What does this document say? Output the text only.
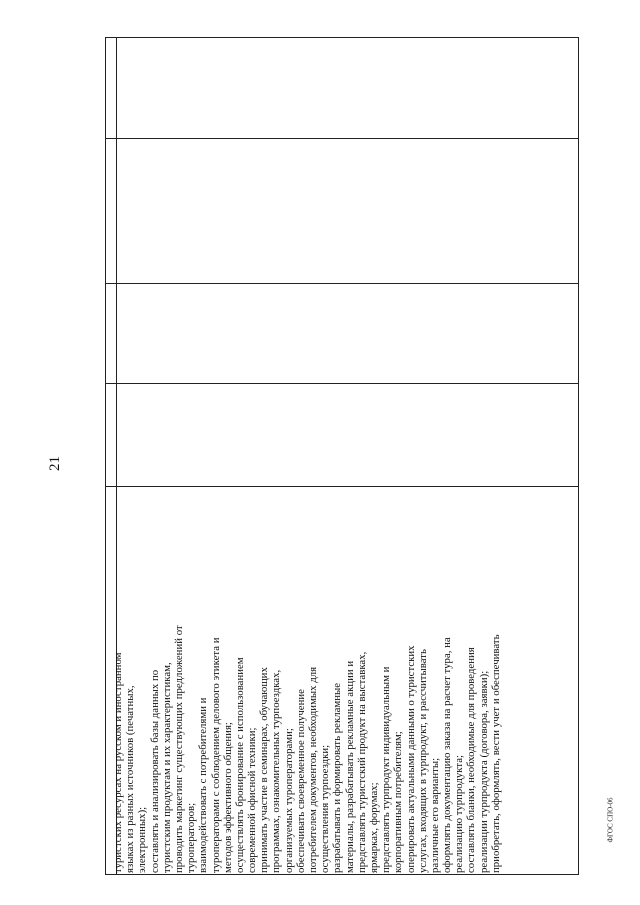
21
туристских ресурсах на русском и иностранном языках из разных источников (печатных, электронных); составлять и анализировать базы данных по туристским продуктам и их характеристикам, проводить маркетинг существующих предложений от туроператоров; взаимодействовать с потребителями и туроператорами с соблюдением делового этикета и методов эффективного общения; осуществлять бронирование с использованием современной офисной техники; принимать участие в семинарах, обучающих программах, ознакомительных турпоездках, организуемых туроператорами; обеспечивать своевременное получение потребителем документов, необходимых для осуществления турпоездки; разрабатывать и формировать рекламные материалы, разрабатывать рекламные акции и представлять туристский продукт на выставках, ярмарках, форумах; представлять турпродукт индивидуальным и корпоративным потребителям; оперировать актуальными данными о туристских услугах, входящих в турпродукт, и рассчитывать различные его варианты; оформлять документацию заказа на расчет тура, на реализацию турпродукта; составлять бланки, необходимые для проведения реализации турпродукта (договора, заявки); приобретать, оформлять, вести учет и обеспечивать	ФГОС СПО-06
